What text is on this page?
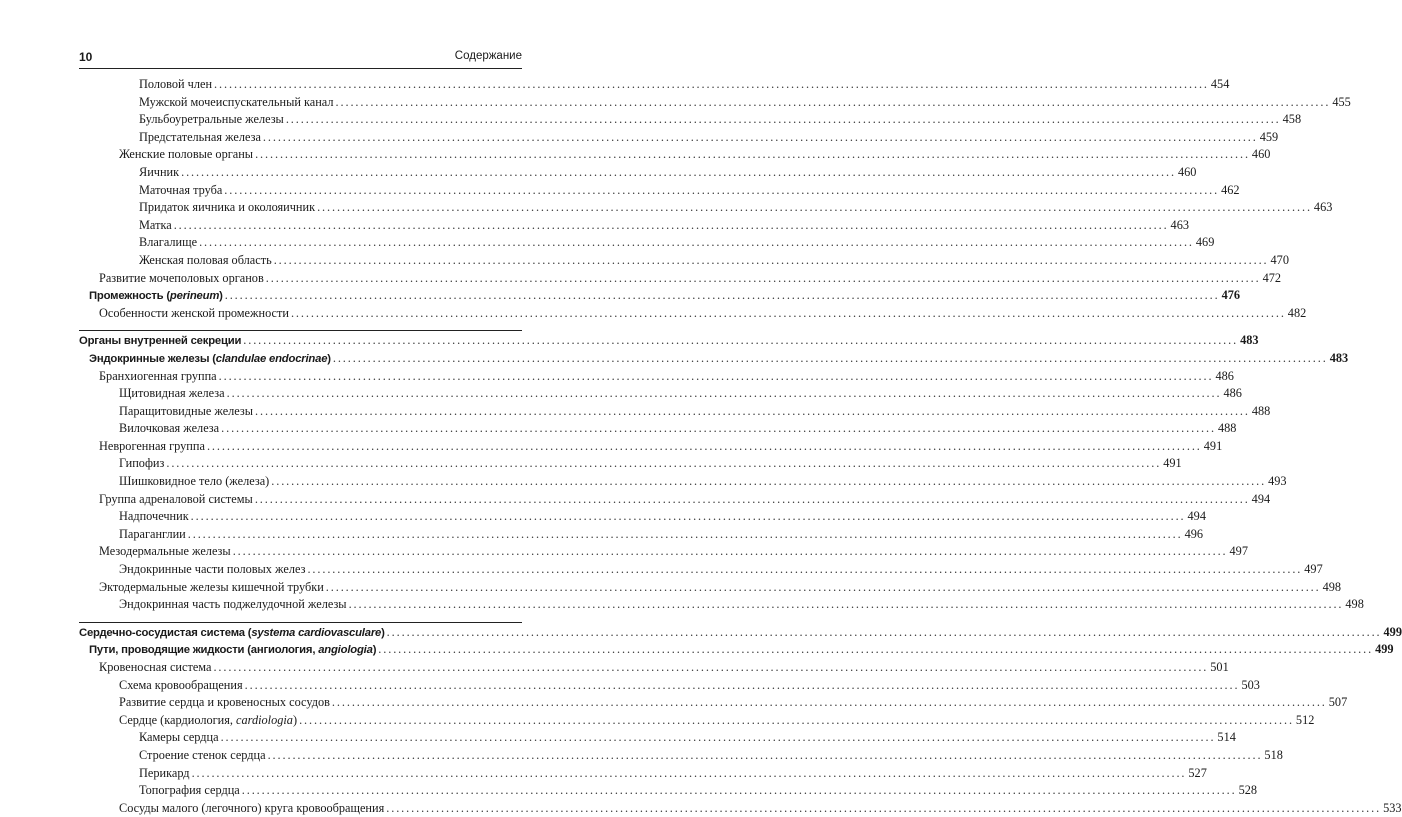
10	Содержание
Половой член ........................................................................................................................................................................................................ 454
Мужской мочеиспускательный канал ........................................................................................................................................................................................................ 455
Бульбоуретральные железы ........................................................................................................................................................................................................ 458
Предстательная железа ........................................................................................................................................................................................................ 459
Женские половые органы ........................................................................................................................................................................................................ 460
Яичник ........................................................................................................................................................................................................ 460
Маточная труба ........................................................................................................................................................................................................ 462
Придаток яичника и околояичник ........................................................................................................................................................................................................ 463
Матка ........................................................................................................................................................................................................ 463
Влагалище ........................................................................................................................................................................................................ 469
Женская половая область ........................................................................................................................................................................................................ 470
Развитие мочеполовых органов ........................................................................................................................................................................................................ 472
Промежность (perineum) ........................................................................................................................................................................................................ 476
Особенности женской промежности ........................................................................................................................................................................................................ 482
Органы внутренней секреции ........................................................................................................................................................................................................ 483
Эндокринные железы (clandulae endocrinae) ........................................................................................................................................................................................................ 483
Бранхиогенная группа ........................................................................................................................................................................................................ 486
Щитовидная железа ........................................................................................................................................................................................................ 486
Паращитовидные железы ........................................................................................................................................................................................................ 488
Вилочковая железа ........................................................................................................................................................................................................ 488
Неврогенная группа ........................................................................................................................................................................................................ 491
Гипофиз ........................................................................................................................................................................................................ 491
Шишковидное тело (железа) ........................................................................................................................................................................................................ 493
Группа адреналовой системы ........................................................................................................................................................................................................ 494
Надпочечник ........................................................................................................................................................................................................ 494
Параганглии ........................................................................................................................................................................................................ 496
Мезодермальные железы ........................................................................................................................................................................................................ 497
Эндокринные части половых желез ........................................................................................................................................................................................................ 497
Эктодермальные железы кишечной трубки ........................................................................................................................................................................................................ 498
Эндокринная часть поджелудочной железы ........................................................................................................................................................................................................ 498
Сердечно-сосудистая система (systema cardiovasculare) ........................................................................................................................................................................................................ 499
Пути, проводящие жидкости (ангиология, angiologia) ........................................................................................................................................................................................................ 499
Кровеносная система ........................................................................................................................................................................................................ 501
Схема кровообращения ........................................................................................................................................................................................................ 503
Развитие сердца и кровеносных сосудов ........................................................................................................................................................................................................ 507
Сердце (кардиология, cardiologia) ........................................................................................................................................................................................................ 512
Камеры сердца ........................................................................................................................................................................................................ 514
Строение стенок сердца ........................................................................................................................................................................................................ 518
Перикард ........................................................................................................................................................................................................ 527
Топография сердца ........................................................................................................................................................................................................ 528
Сосуды малого (легочного) круга кровообращения ........................................................................................................................................................................................................ 533
